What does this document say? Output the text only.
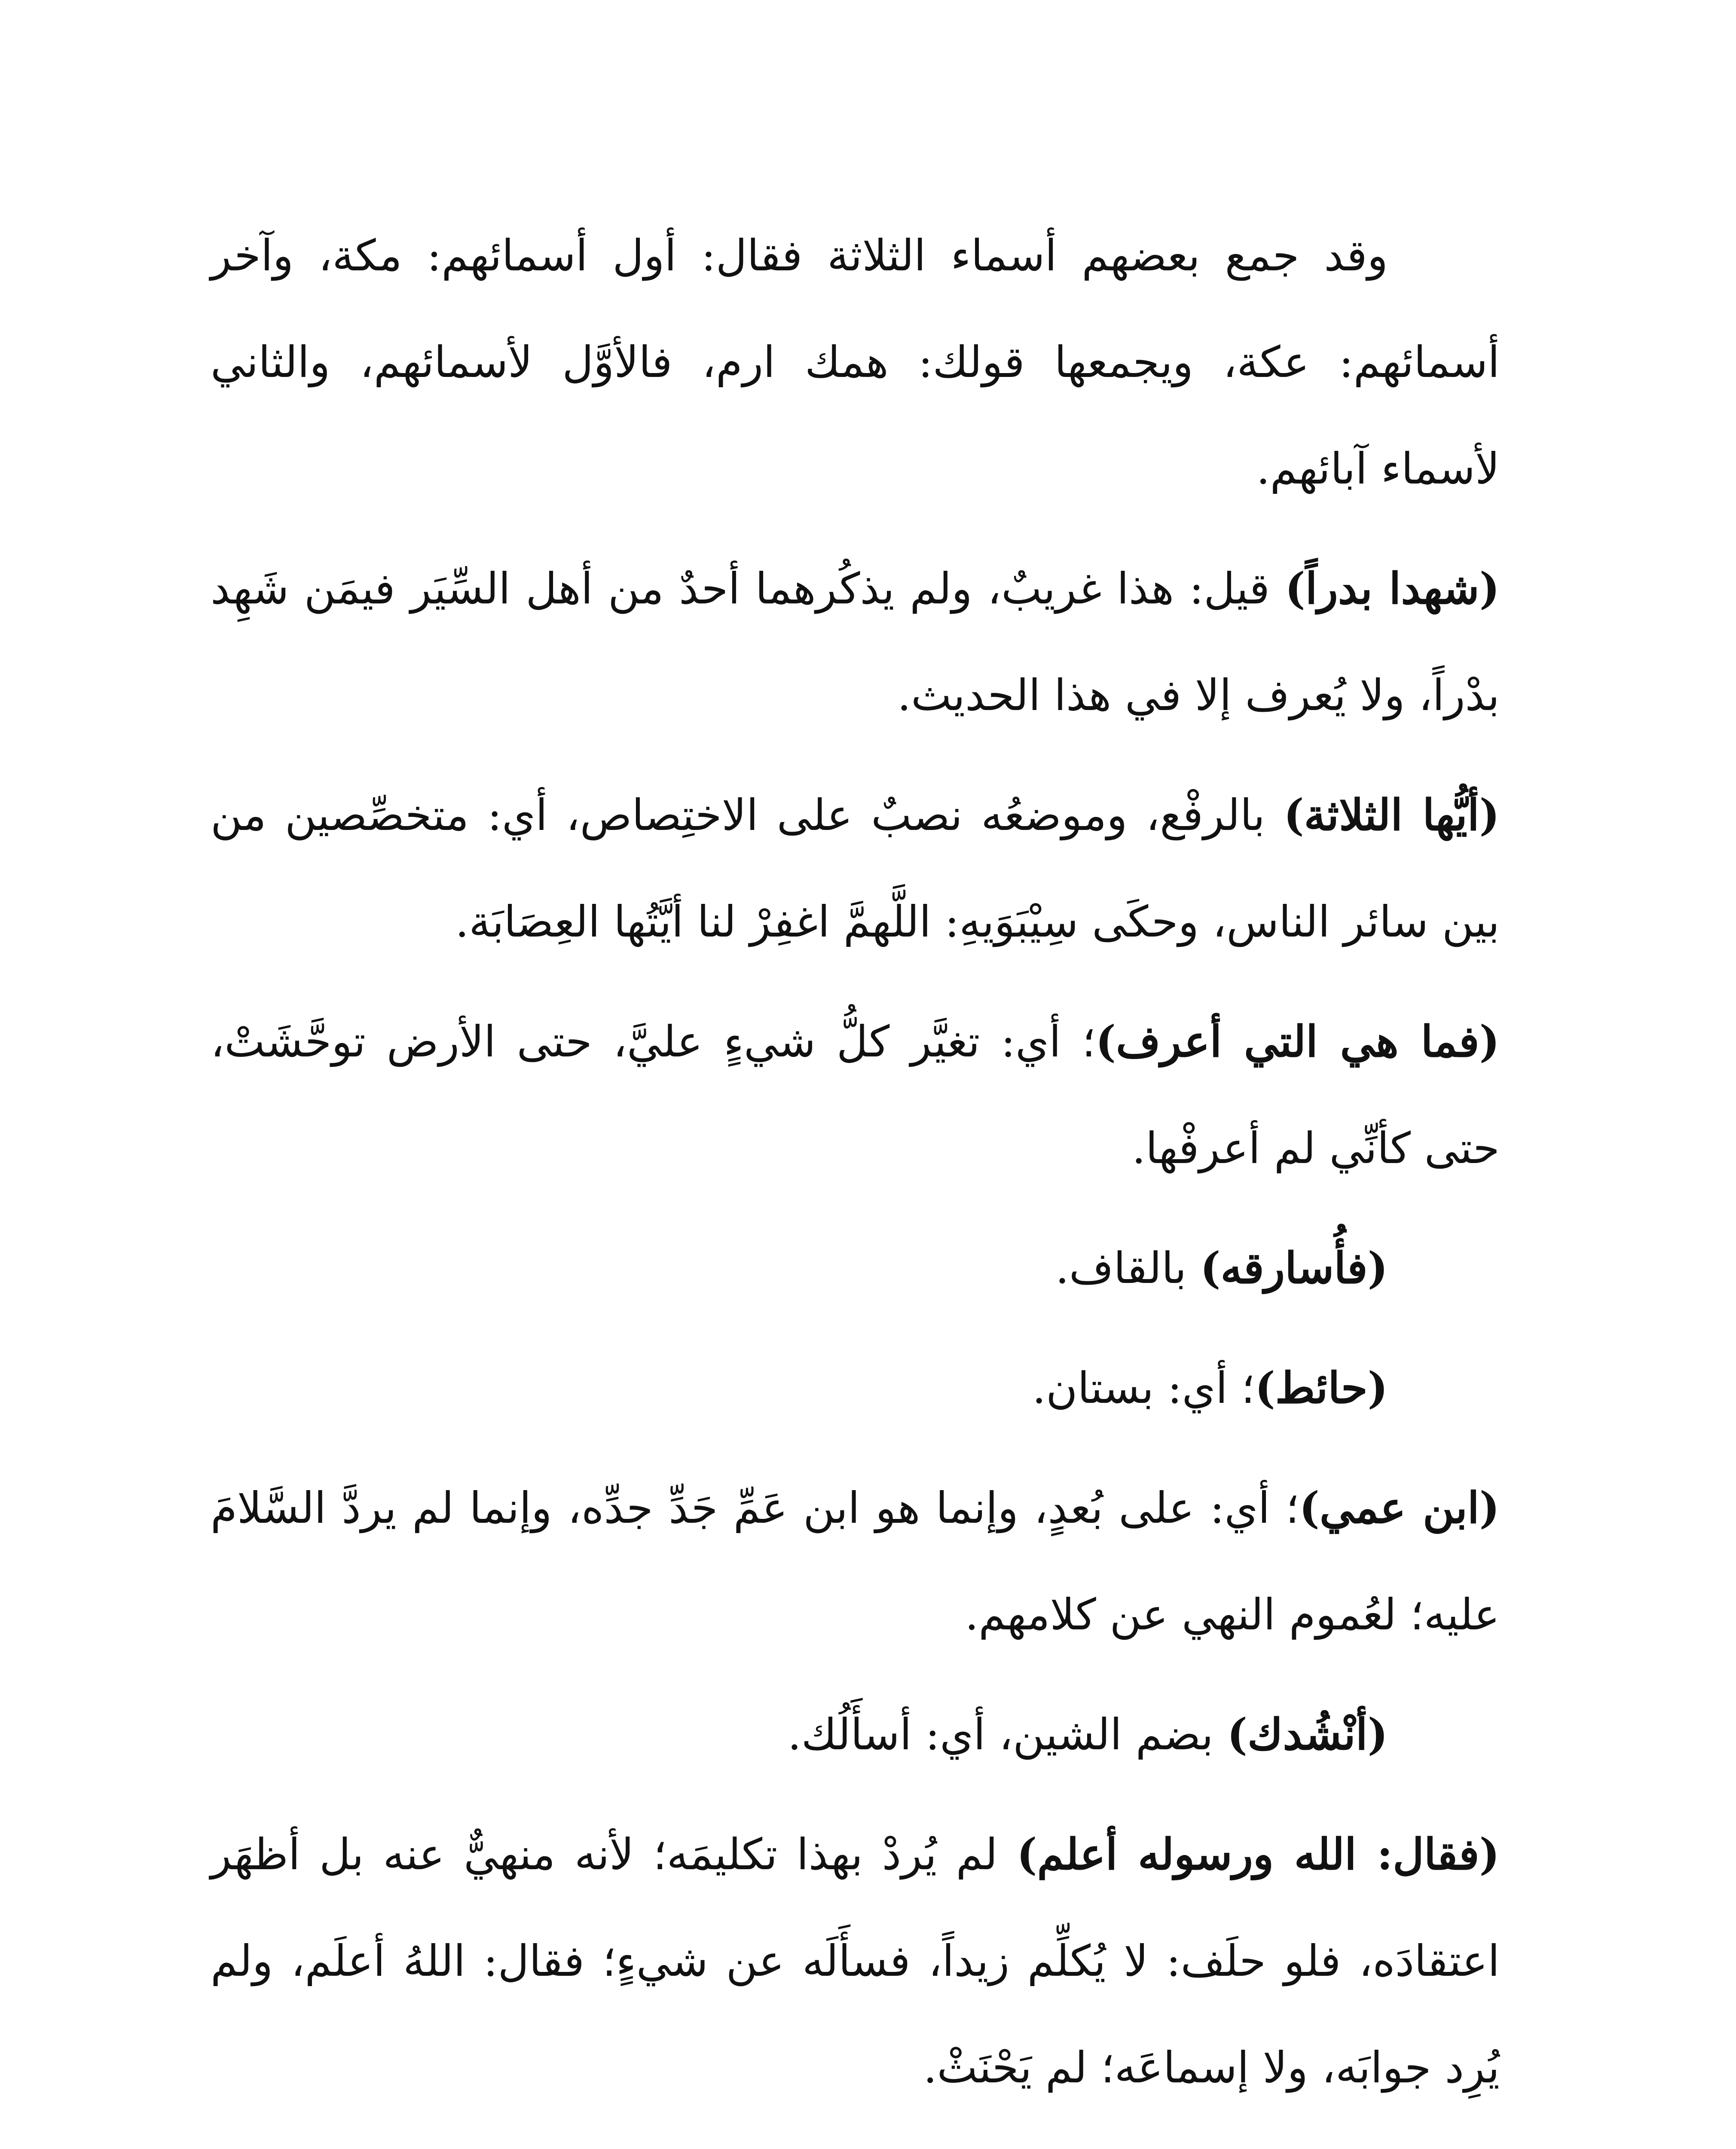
وقد جمع بعضهم أسماء الثلاثة فقال: أول أسمائهم: مكة، وآخر أسمائهم: عكة، ويجمعها قولك: همك ارم، فالأوَّل لأسمائهم، والثاني لأسماء آبائهم.

(شهدا بدراً) قيل: هذا غريبٌ، ولم يذكُرهما أحدٌ من أهل السِّيَر فيمَن شَهِد بدْراً، ولا يُعرف إلا في هذا الحديث.

(أيُّها الثلاثة) بالرفْع، وموضعُه نصبٌ على الاختِصاص، أي: متخصِّصين من بين سائر الناس، وحكَى سِيْبَوَيهِ: اللَّهمَّ اغفِرْ لنا أيَّتُها العِصَابَة.

(فما هي التي أعرف)؛ أي: تغيَّر كلُّ شيءٍ عليَّ، حتى الأرض توحَّشَتْ، حتى كأنِّي لم أعرفْها.

(فأُسارقه) بالقاف.

(حائط)؛ أي: بستان.

(ابن عمي)؛ أي: على بُعدٍ، وإنما هو ابن عَمِّ جَدِّ جدِّه، وإنما لم يردَّ السَّلامَ عليه؛ لعُموم النهي عن كلامهم.

(أنْشُدك) بضم الشين، أي: أسأَلُك.

(فقال: الله ورسوله أعلم) لم يُردْ بهذا تكليمَه؛ لأنه منهيٌّ عنه بل أظهَر اعتقادَه، فلو حلَف: لا يُكلِّم زيداً، فسأَلَه عن شيءٍ؛ فقال: اللهُ أعلَم، ولم يُرِد جوابَه، ولا إسماعَه؛ لم يَحْنَثْ.
